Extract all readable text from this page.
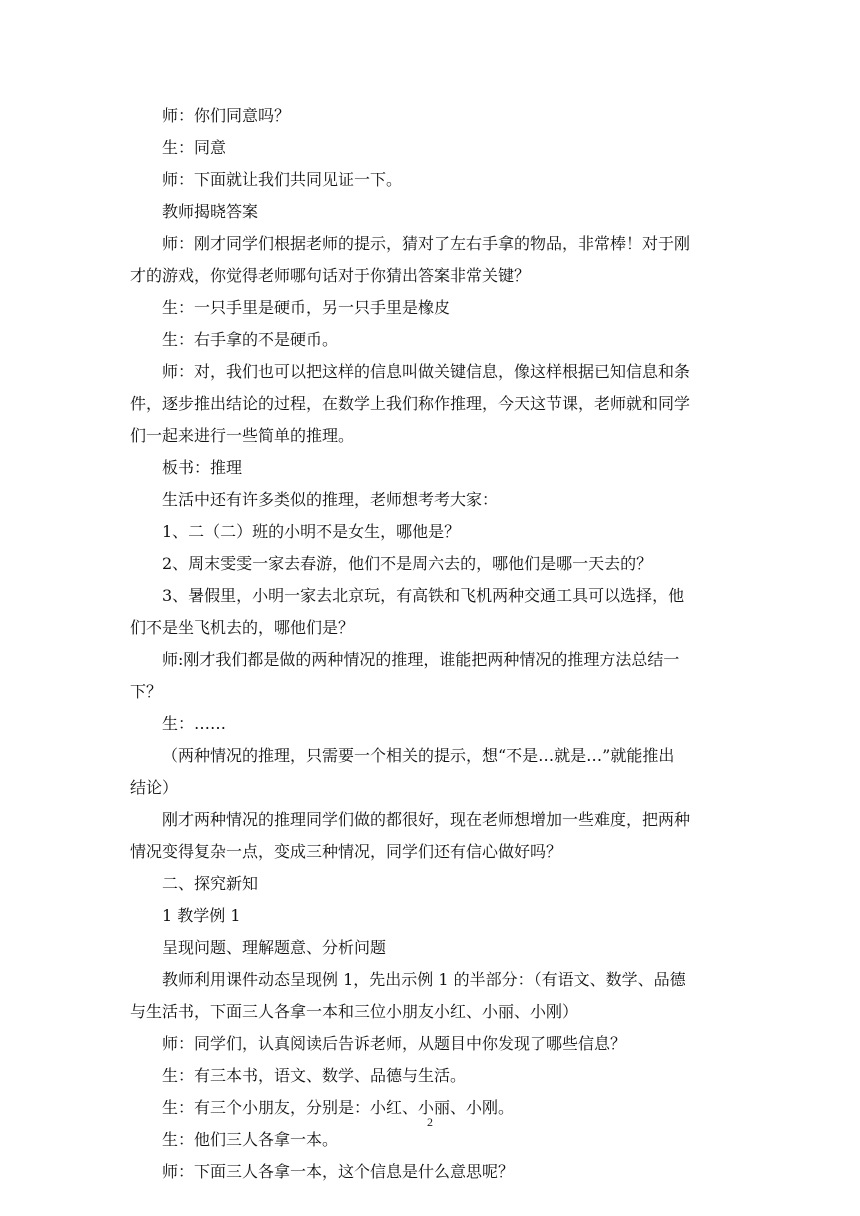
师：你们同意吗？
生：同意
师：下面就让我们共同见证一下。
教师揭晓答案
师：刚才同学们根据老师的提示，猜对了左右手拿的物品，非常棒！对于刚
才的游戏，你觉得老师哪句话对于你猜出答案非常关键？
生：一只手里是硬币，另一只手里是橡皮
生：右手拿的不是硬币。
师：对，我们也可以把这样的信息叫做关键信息，像这样根据已知信息和条
件，逐步推出结论的过程，在数学上我们称作推理，今天这节课，老师就和同学
们一起来进行一些简单的推理。
板书：推理
生活中还有许多类似的推理，老师想考考大家：
1、二（二）班的小明不是女生，哪他是？
2、周末雯雯一家去春游，他们不是周六去的，哪他们是哪一天去的？
3、暑假里，小明一家去北京玩，有高铁和飞机两种交通工具可以选择，他
们不是坐飞机去的，哪他们是？
师:刚才我们都是做的两种情况的推理，谁能把两种情况的推理方法总结一
下？
生：……
（两种情况的推理，只需要一个相关的提示，想“不是…就是…”就能推出
结论）
刚才两种情况的推理同学们做的都很好，现在老师想增加一些难度，把两种
情况变得复杂一点，变成三种情况，同学们还有信心做好吗？
二、探究新知
1 教学例 1
呈现问题、理解题意、分析问题
教师利用课件动态呈现例 1，先出示例 1 的半部分：（有语文、数学、品德
与生活书，下面三人各拿一本和三位小朋友小红、小丽、小刚）
师：同学们，认真阅读后告诉老师，从题目中你发现了哪些信息？
生：有三本书，语文、数学、品德与生活。
生：有三个小朋友，分别是：小红、小丽、小刚。
生：他们三人各拿一本。
师：下面三人各拿一本，这个信息是什么意思呢？
2
